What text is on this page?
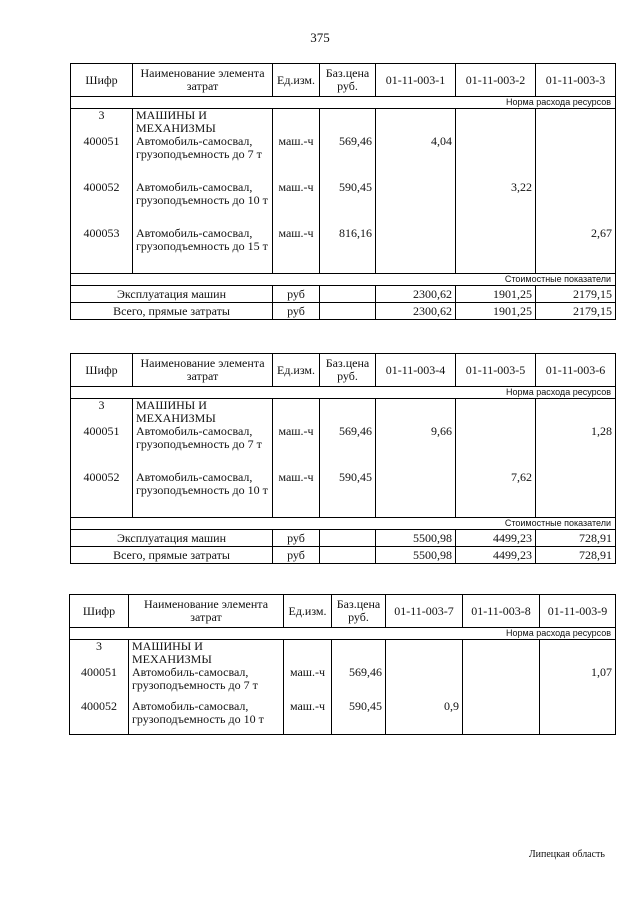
375
Шифр	Наименование элемента затрат	Ед.изм.	Баз.цена руб.	01-11-003-1	01-11-003-2	01-11-003-3
Норма расхода ресурсов						
3	МАШИНЫ И МЕХАНИЗМЫ					
400051	Автомобиль-самосвал, грузоподъемность до 7 т	маш.-ч	569,46	4,04		
400052	Автомобиль-самосвал, грузоподъемность до 10 т	маш.-ч	590,45		3,22	
400053	Автомобиль-самосвал, грузоподъемность до 15 т	маш.-ч	816,16			2,67
Стоимостные показатели						
Эксплуатация машин		руб		2300,62	1901,25	2179,15
Всего, прямые затраты		руб		2300,62	1901,25	2179,15
Шифр	Наименование элемента затрат	Ед.изм.	Баз.цена руб.	01-11-003-4	01-11-003-5	01-11-003-6
Норма расхода ресурсов						
3	МАШИНЫ И МЕХАНИЗМЫ					
400051	Автомобиль-самосвал, грузоподъемность до 7 т	маш.-ч	569,46	9,66		1,28
400052	Автомобиль-самосвал, грузоподъемность до 10 т	маш.-ч	590,45		7,62	
Стоимостные показатели						
Эксплуатация машин		руб		5500,98	4499,23	728,91
Всего, прямые затраты		руб		5500,98	4499,23	728,91
Шифр	Наименование элемента затрат	Ед.изм.	Баз.цена руб.	01-11-003-7	01-11-003-8	01-11-003-9
Норма расхода ресурсов						
3	МАШИНЫ И МЕХАНИЗМЫ					
400051	Автомобиль-самосвал, грузоподъемность до 7 т	маш.-ч	569,46			1,07
400052	Автомобиль-самосвал, грузоподъемность до 10 т	маш.-ч	590,45	0,9		
Липецкая область
